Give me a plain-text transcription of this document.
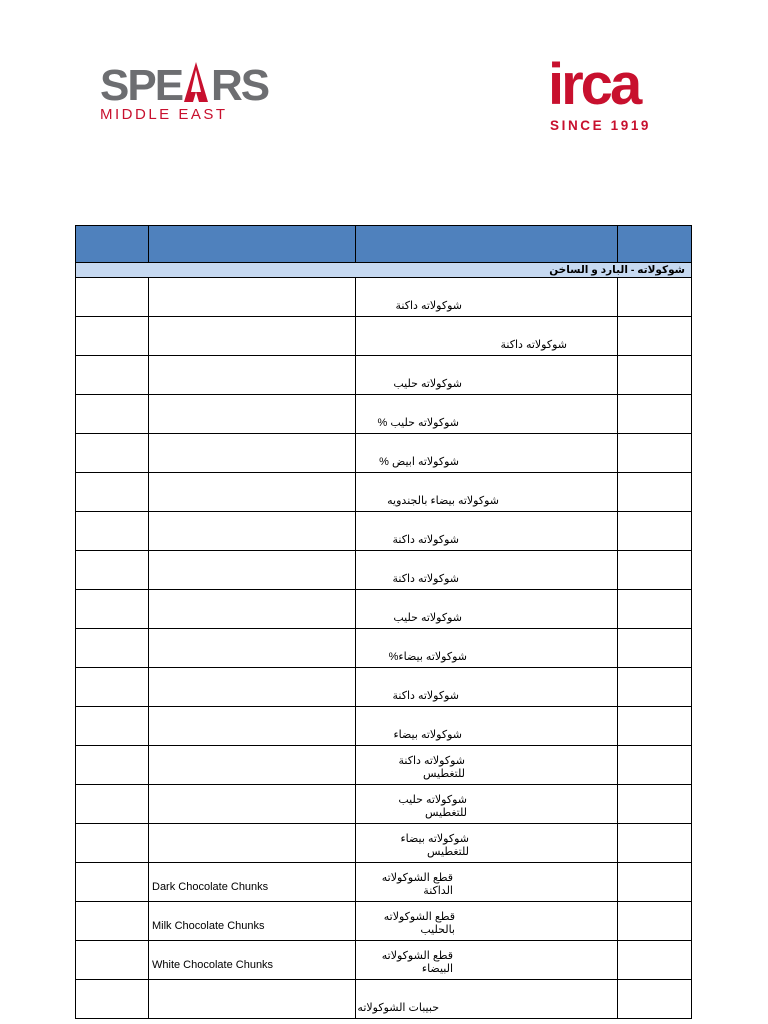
SPE RS
MIDDLE EAST	irca
SINCE 1919

شوكولاته - البارد و الساخن			
		شوكولاته داكنة	
		شوكولاته داكنة	
		شوكولاته حليب	
		شوكولاته حليب %	
		شوكولاته ابيض %	
		شوكولاته بيضاء بالجندويه	
		شوكولاته داكنة	
		شوكولاته داكنة	
		شوكولاته حليب	
		شوكولاته بيضاء%	
		شوكولاته داكنة	
		شوكولاته بيضاء	
		شوكولاته داكنة للتغطيس	
		شوكولاته حليب للتغطيس	
		شوكولاته بيضاء للتغطيس	
	Dark Chocolate Chunks	قطع الشوكولاته الداكنة	
	Milk Chocolate Chunks	قطع الشوكولاته بالحليب	
	White Chocolate Chunks	قطع الشوكولاته البيضاء	
		حبيبات الشوكولاته	
